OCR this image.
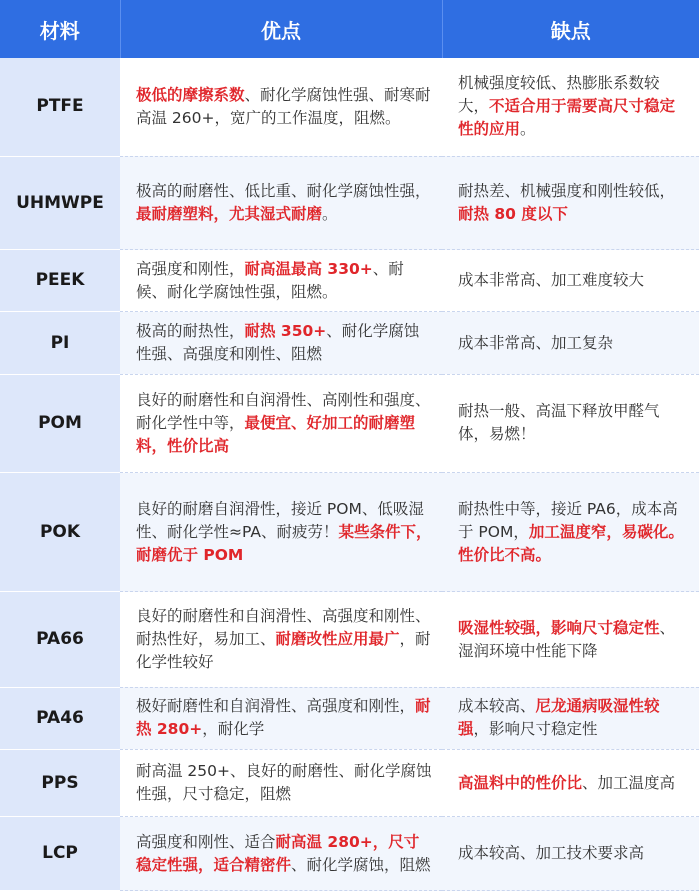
材料	优点	缺点
PTFE	极低的摩擦系数、耐化学腐蚀性强、耐寒耐高温 260+，宽广的工作温度，阻燃。	机械强度较低、热膨胀系数较大，不适合用于需要高尺寸稳定性的应用。
UHMWPE	极高的耐磨性、低比重、耐化学腐蚀性强，最耐磨塑料，尤其湿式耐磨。	耐热差、机械强度和刚性较低，耐热 80 度以下
PEEK	高强度和刚性，耐高温最高 330+、耐候、耐化学腐蚀性强，阻燃。	成本非常高、加工难度较大
PI	极高的耐热性，耐热 350+、耐化学腐蚀性强、高强度和刚性、阻燃	成本非常高、加工复杂
POM	良好的耐磨性和自润滑性、高刚性和强度、耐化学性中等，最便宜、好加工的耐磨塑料，性价比高	耐热一般、高温下释放甲醛气体，易燃！
POK	良好的耐磨自润滑性，接近 POM、低吸湿性、耐化学性≈PA、耐疲劳！某些条件下，耐磨优于 POM	耐热性中等，接近 PA6，成本高于 POM，加工温度窄，易碳化。性价比不高。
PA66	良好的耐磨性和自润滑性、高强度和刚性、耐热性好，易加工、耐磨改性应用最广，耐化学性较好	吸湿性较强，影响尺寸稳定性、湿润环境中性能下降
PA46	极好耐磨性和自润滑性、高强度和刚性，耐热 280+，耐化学	成本较高、尼龙通病吸湿性较强，影响尺寸稳定性
PPS	耐高温 250+、良好的耐磨性、耐化学腐蚀性强，尺寸稳定，阻燃	高温料中的性价比、加工温度高
LCP	高强度和刚性、适合耐高温 280+，尺寸稳定性强，适合精密件、耐化学腐蚀，阻燃	成本较高、加工技术要求高
